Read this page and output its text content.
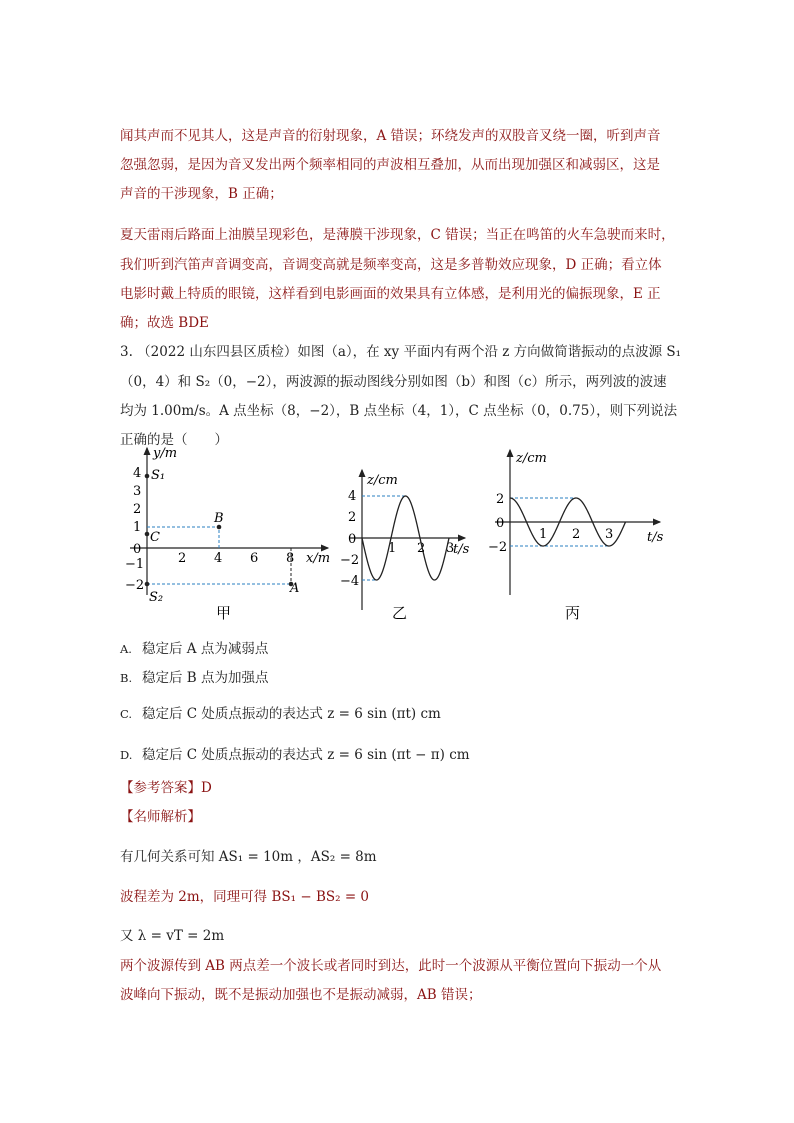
闻其声而不见其人，这是声音的衍射现象，A 错误；环绕发声的双股音叉绕一圈，听到声音
忽强忽弱，是因为音叉发出两个频率相同的声波相互叠加，从而出现加强区和减弱区，这是
声音的干涉现象，B 正确；
夏天雷雨后路面上油膜呈现彩色，是薄膜干涉现象，C 错误；当正在鸣笛的火车急驶而来时，
我们听到汽笛声音调变高，音调变高就是频率变高，这是多普勒效应现象，D 正确；看立体
电影时戴上特质的眼镜，这样看到电影画面的效果具有立体感，是利用光的偏振现象，E 正
确；故选 BDE
3. （2022 山东四县区质检）如图（a），在 xy 平面内有两个沿 z 方向做简谐振动的点波源 S₁
（0，4）和 S₂（0，−2），两波源的振动图线分别如图（b）和图（c）所示，两列波的波速
均为 1.00m/s。A 点坐标（8，−2），B 点坐标（4，1），C 点坐标（0，0.75），则下列说法
正确的是（　　）
y/m
x/m
4
3
2
1
0
−1
−2
2 4 6 8
S₁
S₂
B
A
C
甲
z/cm
t/s
4
2
0
−2
−4
1 2 3
乙
z/cm
t/s
2
0
−2
1 2 3
丙
A. 稳定后 A 点为减弱点
B. 稳定后 B 点为加强点
C. 稳定后 C 处质点振动的表达式 z = 6 sin (πt) cm
D. 稳定后 C 处质点振动的表达式 z = 6 sin (πt − π) cm
【参考答案】D
【名师解析】
有几何关系可知 AS₁ = 10m ，AS₂ = 8m
波程差为 2m，同理可得 BS₁ − BS₂ = 0
又 λ = vT = 2m
两个波源传到 AB 两点差一个波长或者同时到达，此时一个波源从平衡位置向下振动一个从
波峰向下振动，既不是振动加强也不是振动减弱，AB 错误；
